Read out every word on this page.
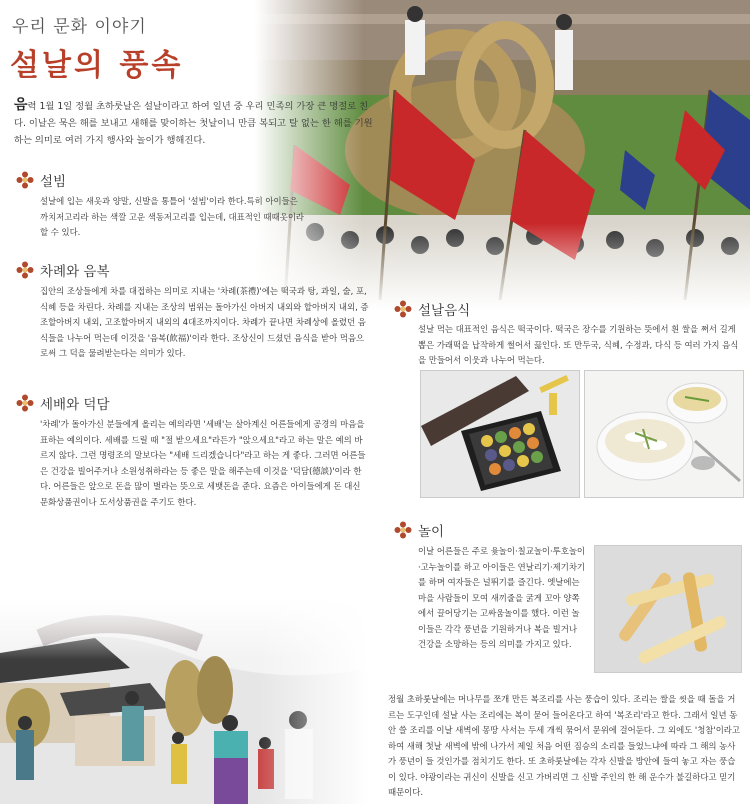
우리 문화 이야기
설날의 풍속
음력 1월 1일 정월 초하룻날은 설날이라고 하여 일년 중 우리 민족의 가장 큰 명절로 친다. 이날은 묵은 해를 보내고 새해를 맞이하는 첫날이니 만큼 복되고 탈 없는 한 해를 기원하는 의미로 여러 가지 행사와 놀이가 행해진다.
설빔
설날에 입는 새옷과 양말, 신발을 통틀어 '설빔'이라 한다.특히 아이들은 까치저고리라 하는 색깔 고운 색동저고리를 입는데, 대표적인 때때옷이라 할 수 있다.
차례와 음복
집안의 조상들에게 차를 대접하는 의미로 지내는 '차례(茶禮)'에는 떡국과 탕, 과일, 술, 포, 식혜 등을 차린다. 차례를 지내는 조상의 범위는 돌아가신 아버지 내외와 할아버지 내외, 증조할아버지 내외, 고조할아버지 내외의 4대조까지이다. 차례가 끝나면 차례상에 올렸던 음식들을 나누어 먹는데 이것을 '음복(飮福)'이라 한다. 조상신이 드셨던 음식을 받아 먹음으로써 그 덕을 물려받는다는 의미가 있다.
세배와 덕담
'차례'가 돌아가신 분들에게 올리는 예의라면 '세배'는 살아계신 어른들에게 공경의 마음을 표하는 예의이다. 세배를 드릴 때 "절 받으세요"라든가 "앉으세요"라고 하는 말은 예의 바르지 않다. 그런 명령조의 말보다는 "세배 드리겠습니다"라고 하는 게 좋다. 그러면 어른들은 건강을 빌어주거나 소원성취하라는 등 좋은 말을 해주는데 이것을 '덕담(德談)'이라 한다. 어른들은 앞으로 돈을 많이 벌라는 뜻으로 세뱃돈을 준다. 요즘은 아이들에게 돈 대신 문화상품권이나 도서상품권을 주기도 한다.
설날음식
설날 먹는 대표적인 음식은 떡국이다. 떡국은 장수를 기원하는 뜻에서 흰 쌀을 쪄서 길게 뽑은 가래떡을 납작하게 썰어서 끓인다. 또 만두국, 식혜, 수정과, 다식 등 여러 가지 음식을 만들어서 이웃과 나누어 먹는다.
놀이
이날 어른들은 주로 윷놀이·칠교놀이·투호놀이·고누놀이를 하고 아이들은 연날리기·제기차기를 하며 여자들은 널뛰기를 즐긴다. 엣날에는 마을 사람들이 모여 새끼줄을 굵게 꼬아 양쪽에서 끌어당기는 고싸움놀이를 했다. 이런 놀이들은 각각 풍년을 기원하거나 복을 빌거나 건강을 소망하는 등의 의미를 가지고 있다.
정월 초하룻날에는 머나무를 쪼개 만든 복조리를 사는 풍습이 있다. 조리는 쌀을 씻을 때 돌을 거르는 도구인데 설날 사는 조리에는 복이 묻어 들어온다고 하여 '복조리'라고 한다. 그래서 일년 동안 쓸 조리를 이날 새벽에 몽땅 사서는 두세 개씩 묶어서 문위에 걸어둔다. 그 외에도 '청참'이라고 하여 새해 첫날 새벽에 밖에 나가서 제일 처음 어떤 짐승의 소리를 들었느냐에 따라 그 해의 농사가 풍년이 들 것인가를 점치기도 한다. 또 초하룻날에는 각자 신발을 방안에 들여 놓고 자는 풍습이 있다. 야광이라는 귀신이 신발을 신고 가버리면 그 신발 주인의 한 해 운수가 불길하다고 믿기 때문이다.
